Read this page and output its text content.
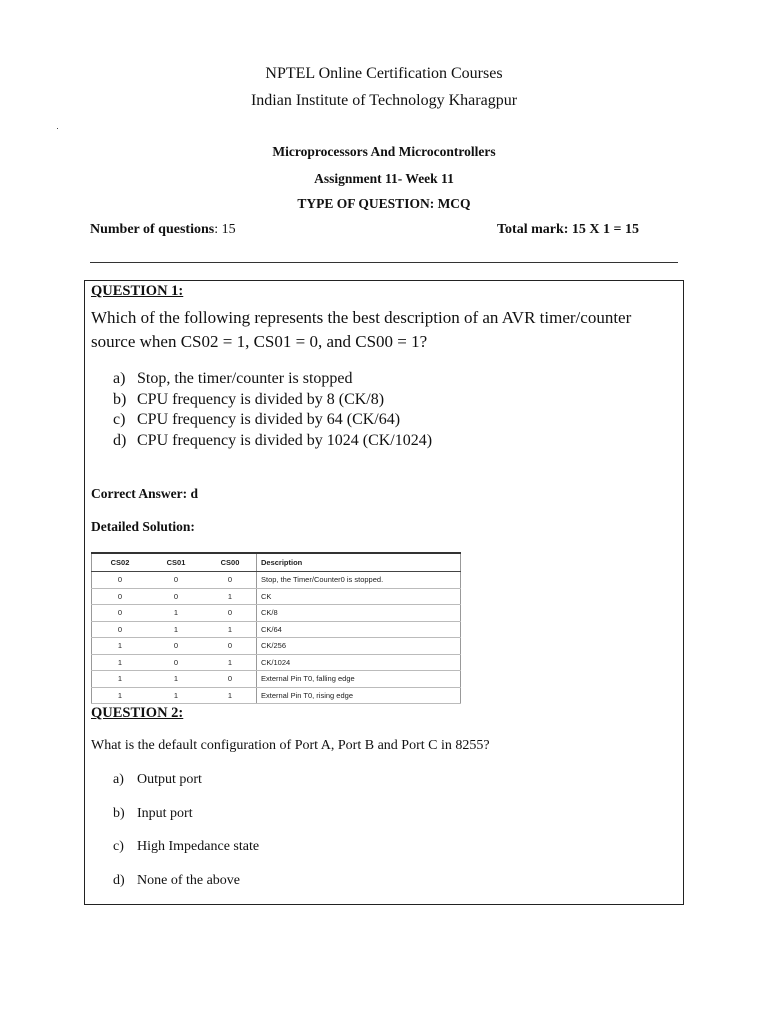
NPTEL Online Certification Courses
Indian Institute of Technology Kharagpur
Microprocessors And Microcontrollers
Assignment 11- Week 11
TYPE OF QUESTION: MCQ
Number of questions: 15	Total mark: 15 X 1 = 15
QUESTION 1:
Which of the following represents the best description of an AVR timer/counter source when CS02 = 1, CS01 = 0, and CS00 = 1?
a) Stop, the timer/counter is stopped
b) CPU frequency is divided by 8 (CK/8)
c) CPU frequency is divided by 64 (CK/64)
d) CPU frequency is divided by 1024 (CK/1024)
Correct Answer: d
Detailed Solution:
CS02	CS01	CS00	Description
0	0	0	Stop, the Timer/Counter0 is stopped.
0	0	1	CK
0	1	0	CK/8
0	1	1	CK/64
1	0	0	CK/256
1	0	1	CK/1024
1	1	0	External Pin T0, falling edge
1	1	1	External Pin T0, rising edge
QUESTION 2:
What is the default configuration of Port A, Port B and Port C in 8255?
a) Output port
b) Input port
c) High Impedance state
d) None of the above
